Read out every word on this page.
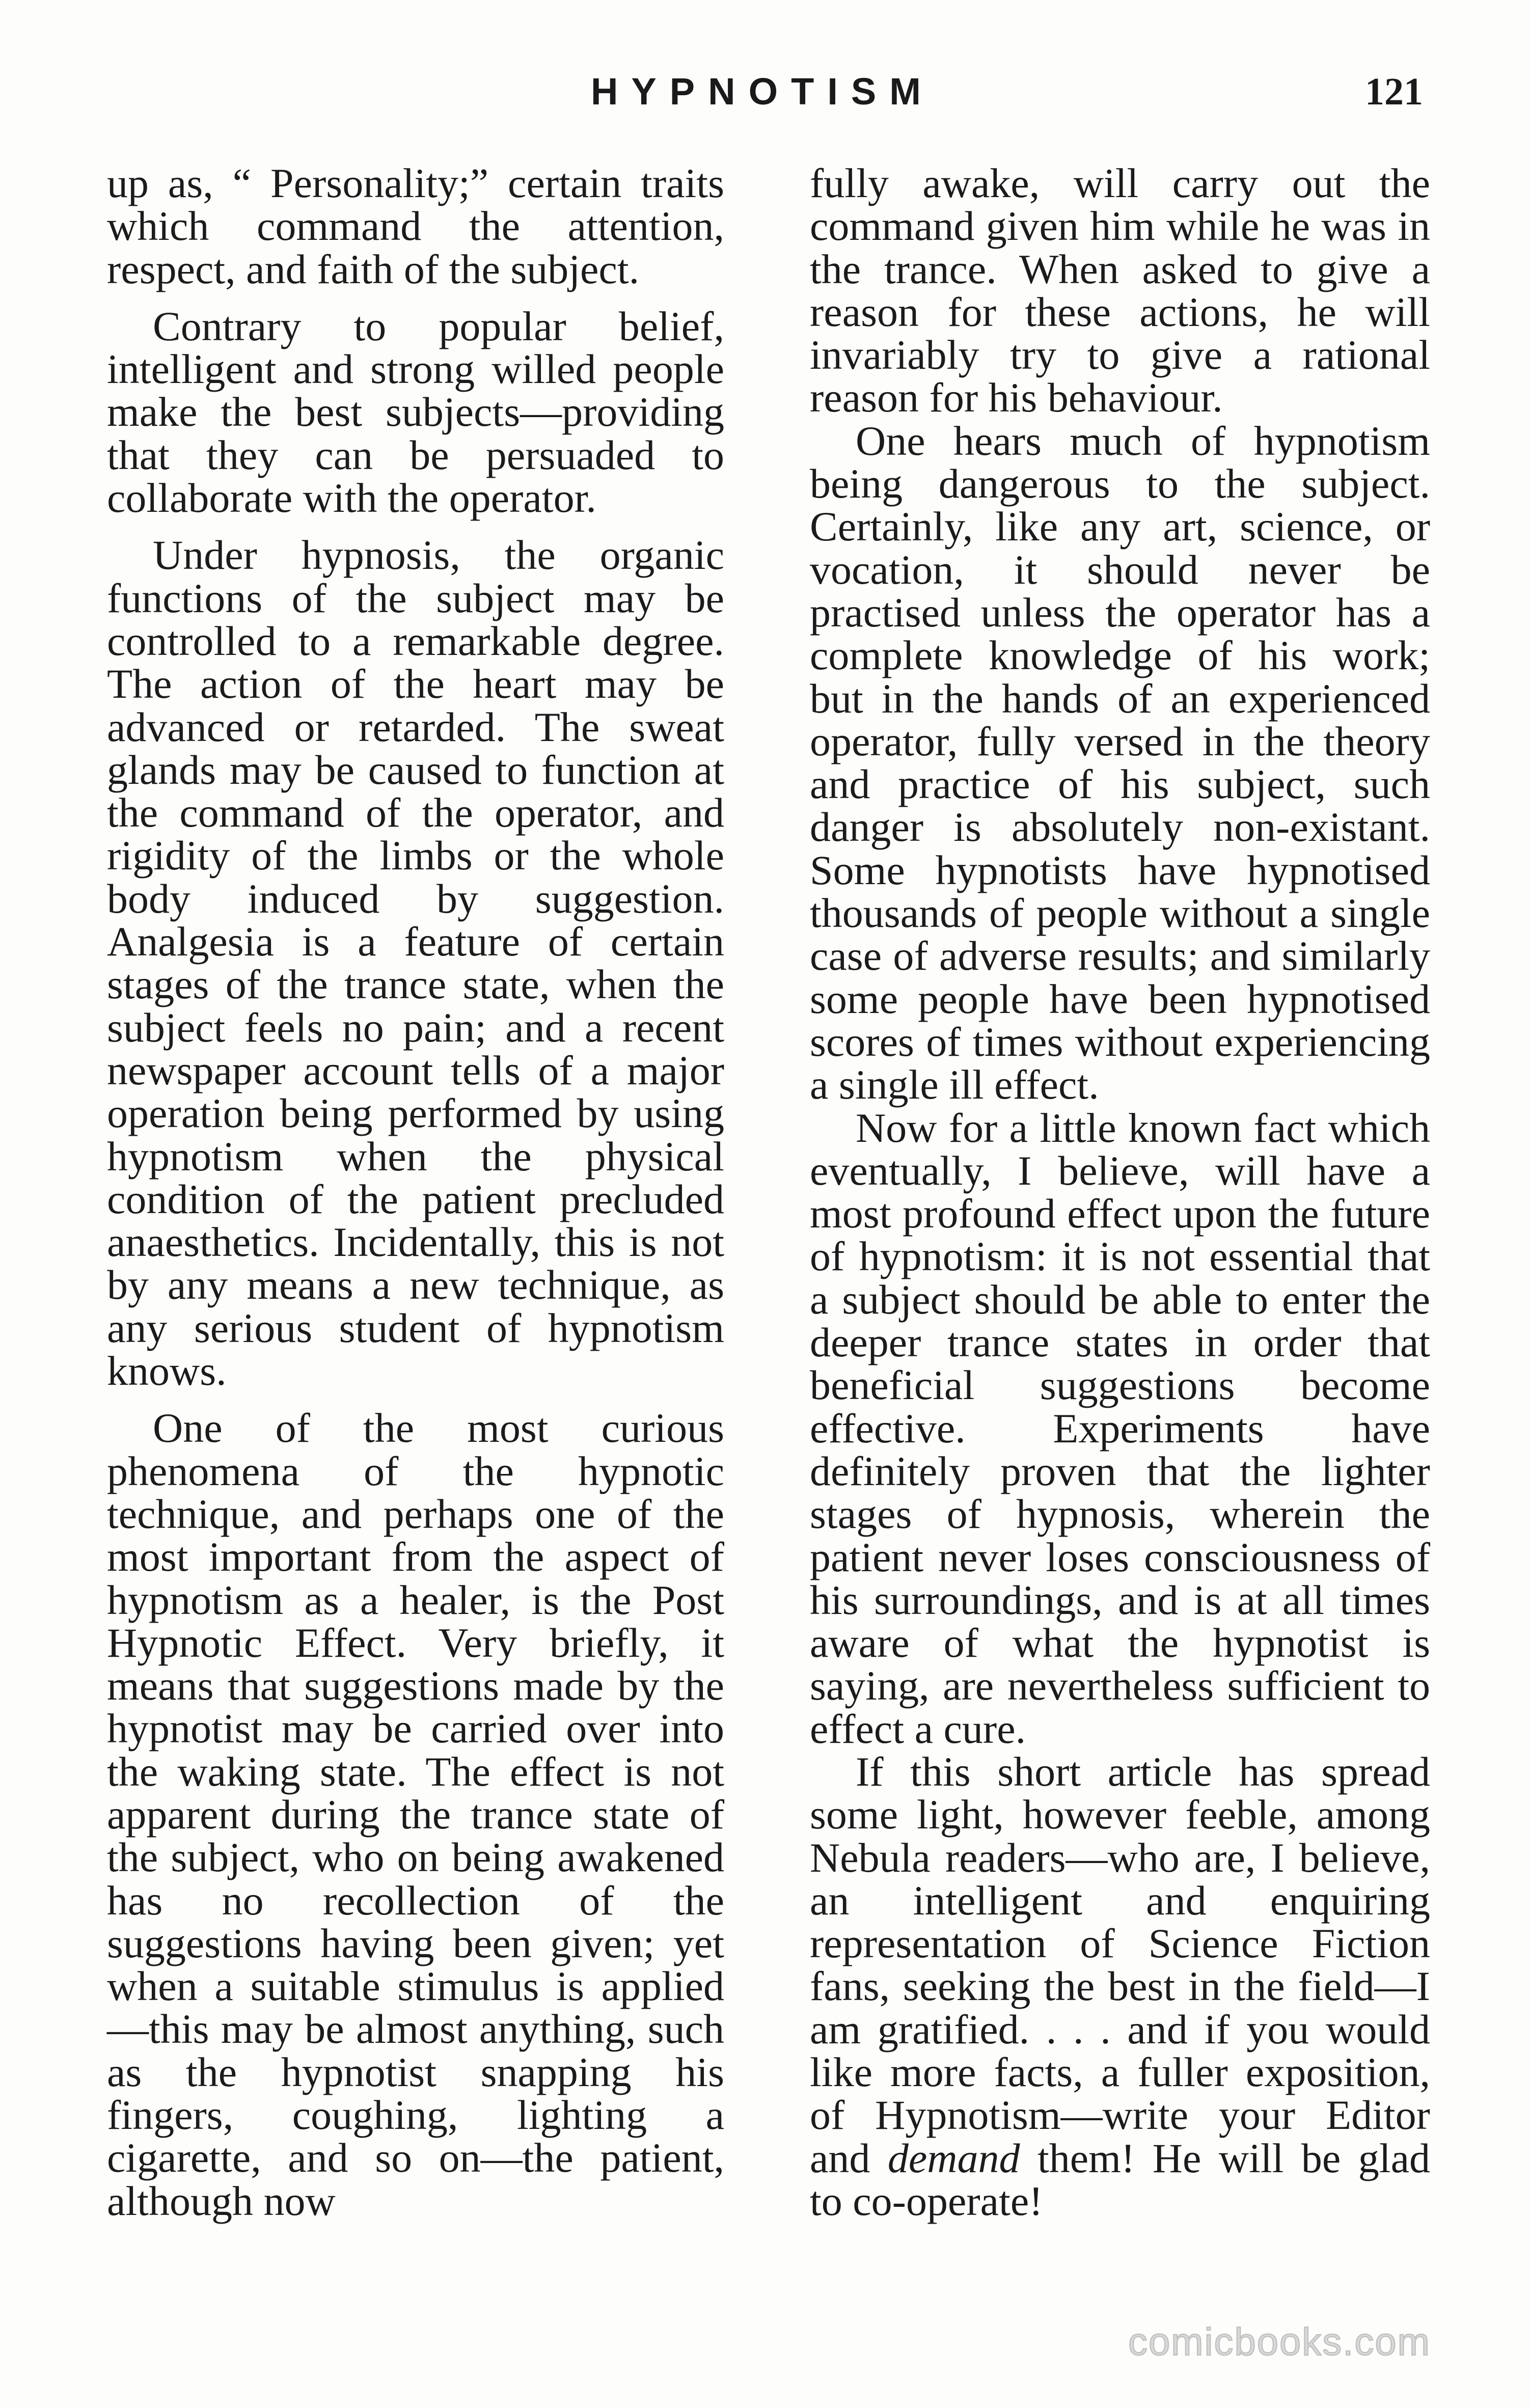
HYPNOTISM	121

up as, “ Personality;” certain traits which command the attention, respect, and faith of the subject.

Contrary to popular belief, intelligent and strong willed people make the best subjects—providing that they can be persuaded to collaborate with the operator.

Under hypnosis, the organic functions of the subject may be controlled to a remarkable degree. The action of the heart may be advanced or retarded. The sweat glands may be caused to function at the command of the operator, and rigidity of the limbs or the whole body induced by suggestion. Analgesia is a feature of certain stages of the trance state, when the subject feels no pain; and a recent newspaper account tells of a major operation being performed by using hypnotism when the physical condition of the patient precluded anaesthetics. Incidentally, this is not by any means a new technique, as any serious student of hypnotism knows.

One of the most curious phenomena of the hypnotic technique, and perhaps one of the most important from the aspect of hypnotism as a healer, is the Post Hypnotic Effect. Very briefly, it means that suggestions made by the hypnotist may be carried over into the waking state. The effect is not apparent during the trance state of the subject, who on being awakened has no recollection of the suggestions having been given; yet when a suitable stimulus is applied—this may be almost anything, such as the hypnotist snapping his fingers, coughing, lighting a cigarette, and so on—the patient, although now

fully awake, will carry out the command given him while he was in the trance. When asked to give a reason for these actions, he will invariably try to give a rational reason for his behaviour.

One hears much of hypnotism being dangerous to the subject. Certainly, like any art, science, or vocation, it should never be practised unless the operator has a complete knowledge of his work; but in the hands of an experienced operator, fully versed in the theory and practice of his subject, such danger is absolutely non-existant. Some hypnotists have hypnotised thousands of people without a single case of adverse results; and similarly some people have been hypnotised scores of times without experiencing a single ill effect.

Now for a little known fact which eventually, I believe, will have a most profound effect upon the future of hypnotism: it is not essential that a subject should be able to enter the deeper trance states in order that beneficial suggestions become effective. Experiments have definitely proven that the lighter stages of hypnosis, wherein the patient never loses consciousness of his surroundings, and is at all times aware of what the hypnotist is saying, are nevertheless sufficient to effect a cure.

If this short article has spread some light, however feeble, among Nebula readers—who are, I believe, an intelligent and enquiring representation of Science Fiction fans, seeking the best in the field—I am gratified. . . . and if you would like more facts, a fuller exposition, of Hypnotism—write your Editor and demand them! He will be glad to co-operate!

comicbooks.com
